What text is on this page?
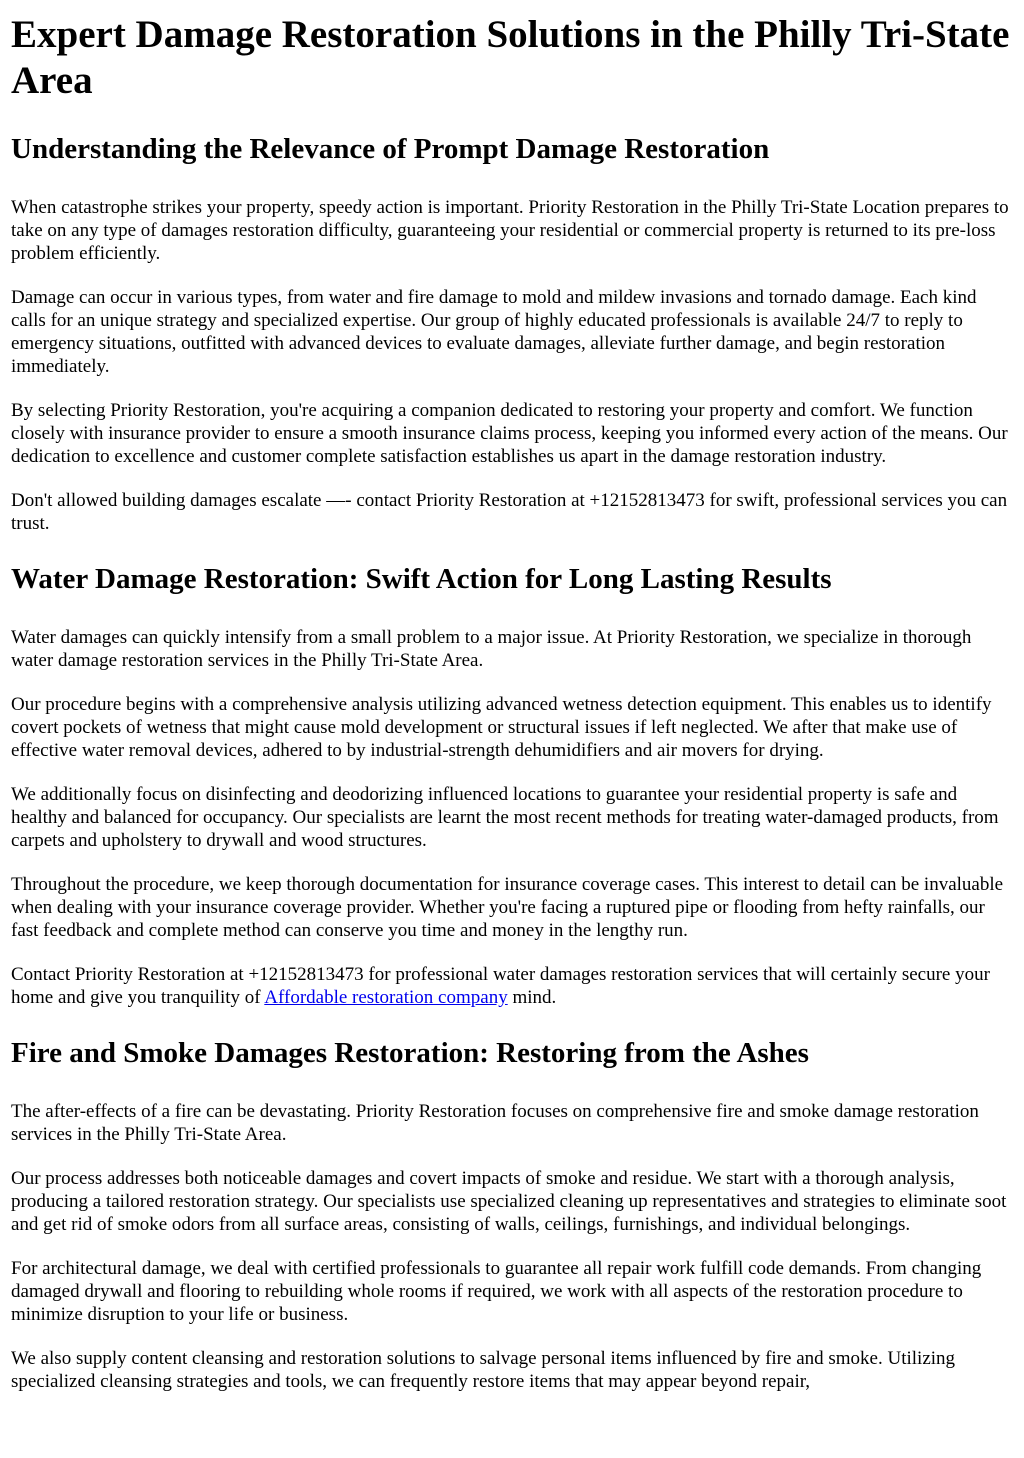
Expert Damage Restoration Solutions in the Philly Tri-State Area
Understanding the Relevance of Prompt Damage Restoration

When catastrophe strikes your property, speedy action is important. Priority Restoration in the Philly Tri-State Location prepares to take on any type of damages restoration difficulty, guaranteeing your residential or commercial property is returned to its pre-loss problem efficiently.

Damage can occur in various types, from water and fire damage to mold and mildew invasions and tornado damage. Each kind calls for an unique strategy and specialized expertise. Our group of highly educated professionals is available 24/7 to reply to emergency situations, outfitted with advanced devices to evaluate damages, alleviate further damage, and begin restoration immediately.

By selecting Priority Restoration, you're acquiring a companion dedicated to restoring your property and comfort. We function closely with insurance provider to ensure a smooth insurance claims process, keeping you informed every action of the means. Our dedication to excellence and customer complete satisfaction establishes us apart in the damage restoration industry.

Don't allowed building damages escalate —- contact Priority Restoration at +12152813473 for swift, professional services you can trust.

Water Damage Restoration: Swift Action for Long Lasting Results

Water damages can quickly intensify from a small problem to a major issue. At Priority Restoration, we specialize in thorough water damage restoration services in the Philly Tri-State Area.

Our procedure begins with a comprehensive analysis utilizing advanced wetness detection equipment. This enables us to identify covert pockets of wetness that might cause mold development or structural issues if left neglected. We after that make use of effective water removal devices, adhered to by industrial-strength dehumidifiers and air movers for drying.

We additionally focus on disinfecting and deodorizing influenced locations to guarantee your residential property is safe and healthy and balanced for occupancy. Our specialists are learnt the most recent methods for treating water-damaged products, from carpets and upholstery to drywall and wood structures.

Throughout the procedure, we keep thorough documentation for insurance coverage cases. This interest to detail can be invaluable when dealing with your insurance coverage provider. Whether you're facing a ruptured pipe or flooding from hefty rainfalls, our fast feedback and complete method can conserve you time and money in the lengthy run.

Contact Priority Restoration at +12152813473 for professional water damages restoration services that will certainly secure your home and give you tranquility of Affordable restoration company mind.

Fire and Smoke Damages Restoration: Restoring from the Ashes

The after-effects of a fire can be devastating. Priority Restoration focuses on comprehensive fire and smoke damage restoration services in the Philly Tri-State Area.

Our process addresses both noticeable damages and covert impacts of smoke and residue. We start with a thorough analysis, producing a tailored restoration strategy. Our specialists use specialized cleaning up representatives and strategies to eliminate soot and get rid of smoke odors from all surface areas, consisting of walls, ceilings, furnishings, and individual belongings.

For architectural damage, we deal with certified professionals to guarantee all repair work fulfill code demands. From changing damaged drywall and flooring to rebuilding whole rooms if required, we work with all aspects of the restoration procedure to minimize disruption to your life or business.

We also supply content cleansing and restoration solutions to salvage personal items influenced by fire and smoke. Utilizing specialized cleansing strategies and tools, we can frequently restore items that may appear beyond repair,
